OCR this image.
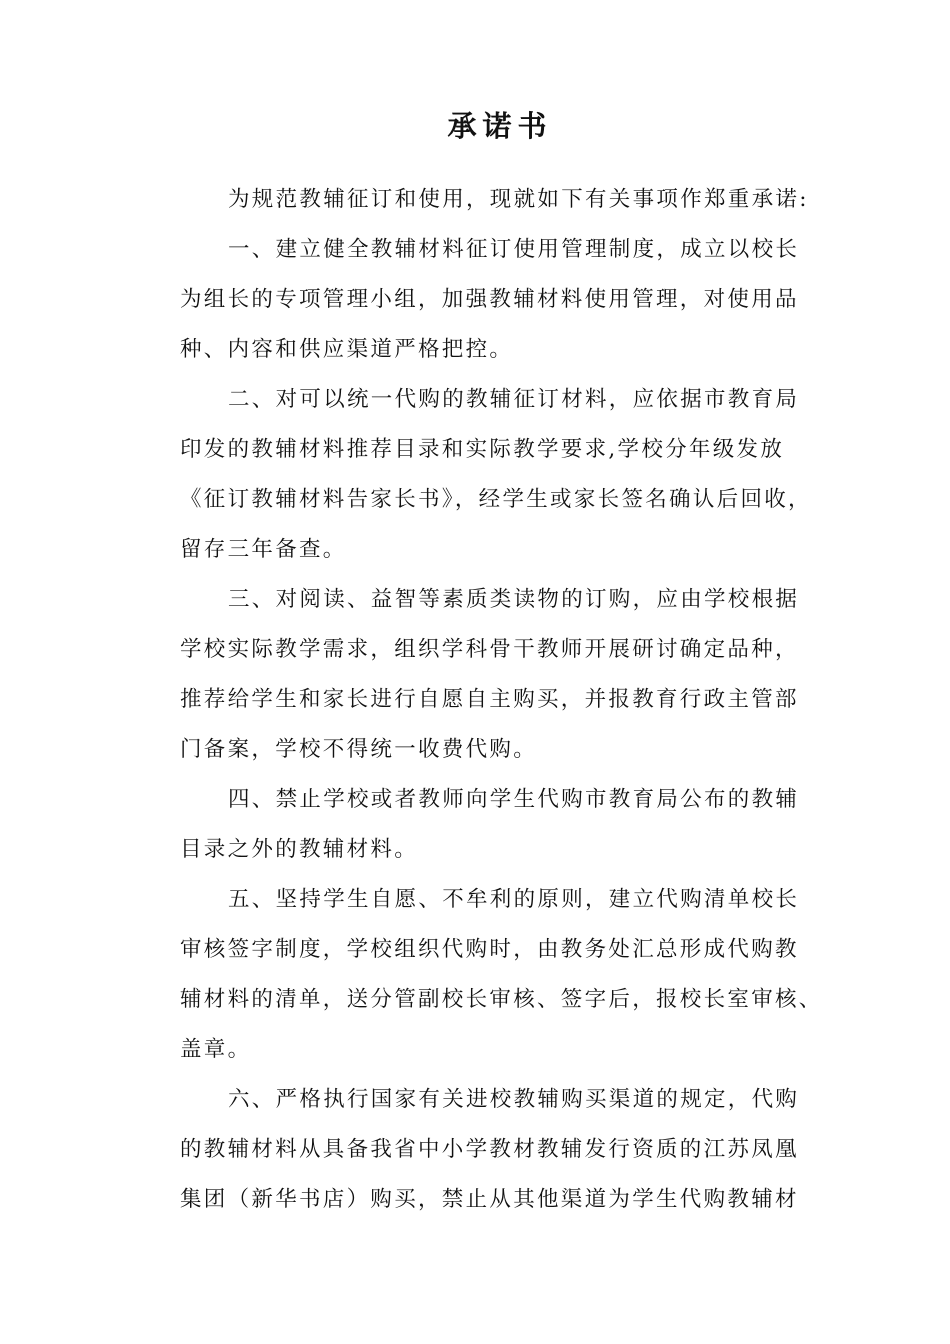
承诺书
为规范教辅征订和使用，现就如下有关事项作郑重承诺:
一、建立健全教辅材料征订使用管理制度，成立以校长
为组长的专项管理小组，加强教辅材料使用管理，对使用品
种、内容和供应渠道严格把控。
二、对可以统一代购的教辅征订材料，应依据市教育局
印发的教辅材料推荐目录和实际教学要求,学校分年级发放
《征订教辅材料告家长书》，经学生或家长签名确认后回收，
留存三年备查。
三、对阅读、益智等素质类读物的订购，应由学校根据
学校实际教学需求，组织学科骨干教师开展研讨确定品种，
推荐给学生和家长进行自愿自主购买，并报教育行政主管部
门备案，学校不得统一收费代购。
四、禁止学校或者教师向学生代购市教育局公布的教辅
目录之外的教辅材料。
五、坚持学生自愿、不牟利的原则，建立代购清单校长
审核签字制度，学校组织代购时，由教务处汇总形成代购教
辅材料的清单，送分管副校长审核、签字后，报校长室审核、
盖章。
六、严格执行国家有关进校教辅购买渠道的规定，代购
的教辅材料从具备我省中小学教材教辅发行资质的江苏凤凰
集团（新华书店）购买，禁止从其他渠道为学生代购教辅材
